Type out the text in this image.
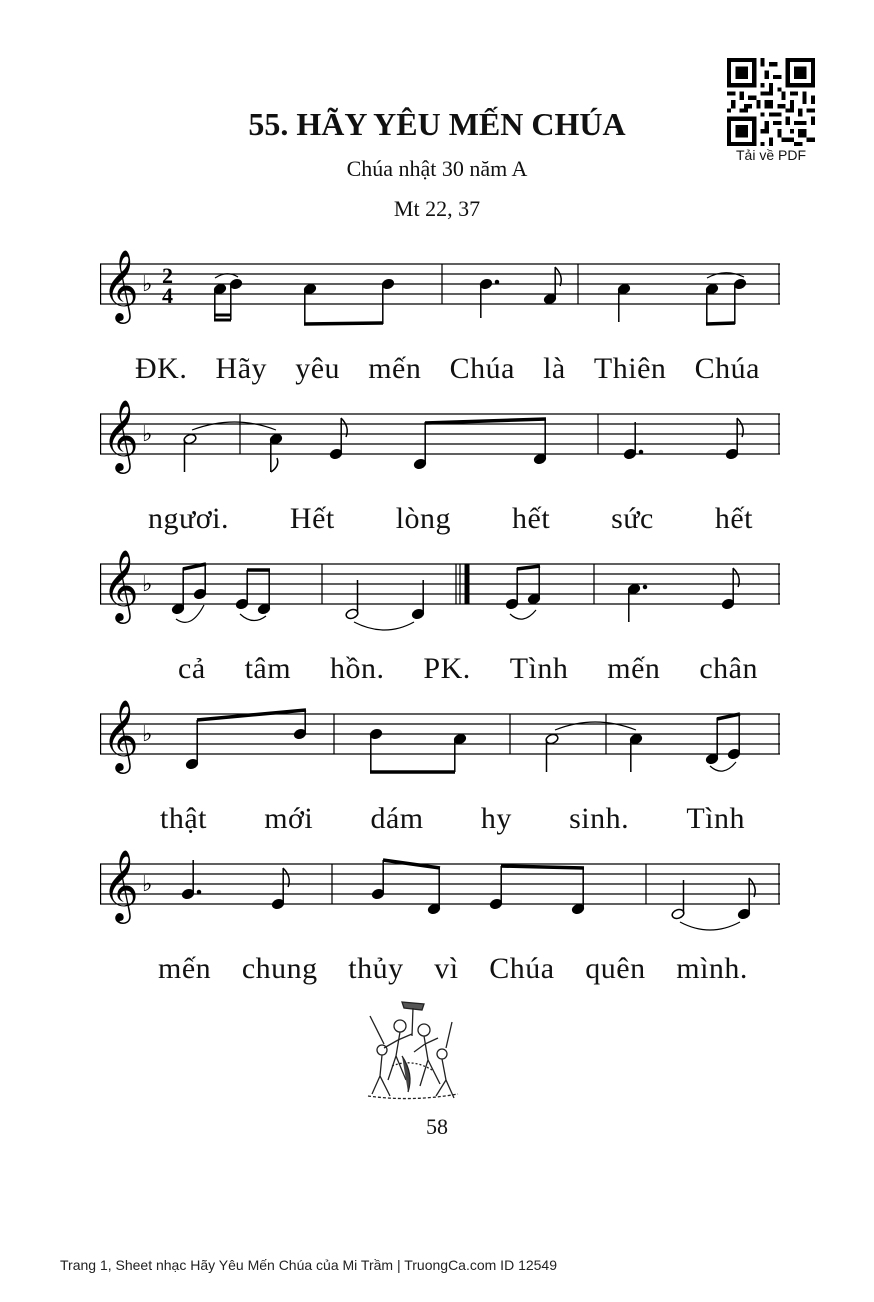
55. HÃY YÊU MẾN CHÚA
Chúa nhật 30 năm A
Mt 22, 37
Tải về PDF
𝄞 ♭ 2
4
ĐK. Hãy yêu mến Chúa là Thiên Chúa
𝄞 ♭
ngươi. Hết lòng hết sức hết
𝄞 ♭
cả tâm hồn. PK. Tình mến chân
𝄞 ♭
thật mới dám hy sinh. Tình
𝄞 ♭
mến chung thủy vì Chúa quên mình.
58
Trang 1, Sheet nhạc Hãy Yêu Mến Chúa của Mi Trầm | TruongCa.com ID 12549
